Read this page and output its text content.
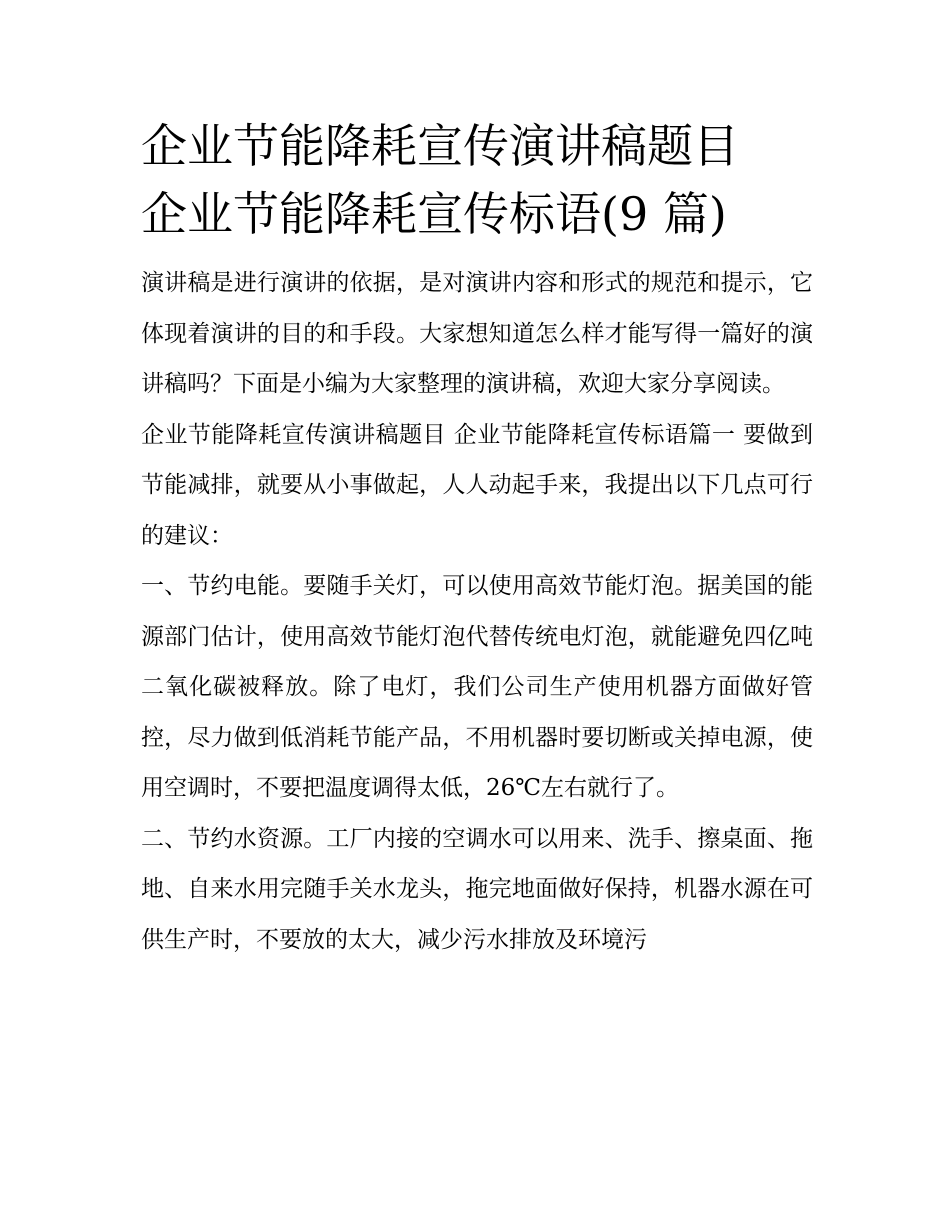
企业节能降耗宣传演讲稿题目
企业节能降耗宣传标语(9 篇)

演讲稿是进行演讲的依据，是对演讲内容和形式的规范和提示，它体现着演讲的目的和手段。大家想知道怎么样才能写得一篇好的演讲稿吗？下面是小编为大家整理的演讲稿，欢迎大家分享阅读。

企业节能降耗宣传演讲稿题目 企业节能降耗宣传标语篇一 要做到节能减排，就要从小事做起，人人动起手来，我提出以下几点可行的建议：

一、节约电能。要随手关灯，可以使用高效节能灯泡。据美国的能源部门估计，使用高效节能灯泡代替传统电灯泡，就能避免四亿吨二氧化碳被释放。除了电灯，我们公司生产使用机器方面做好管控，尽力做到低消耗节能产品，不用机器时要切断或关掉电源，使用空调时，不要把温度调得太低，26℃左右就行了。

二、节约水资源。工厂内接的空调水可以用来、洗手、擦桌面、拖地、自来水用完随手关水龙头，拖完地面做好保持，机器水源在可供生产时，不要放的太大，减少污水排放及环境污
